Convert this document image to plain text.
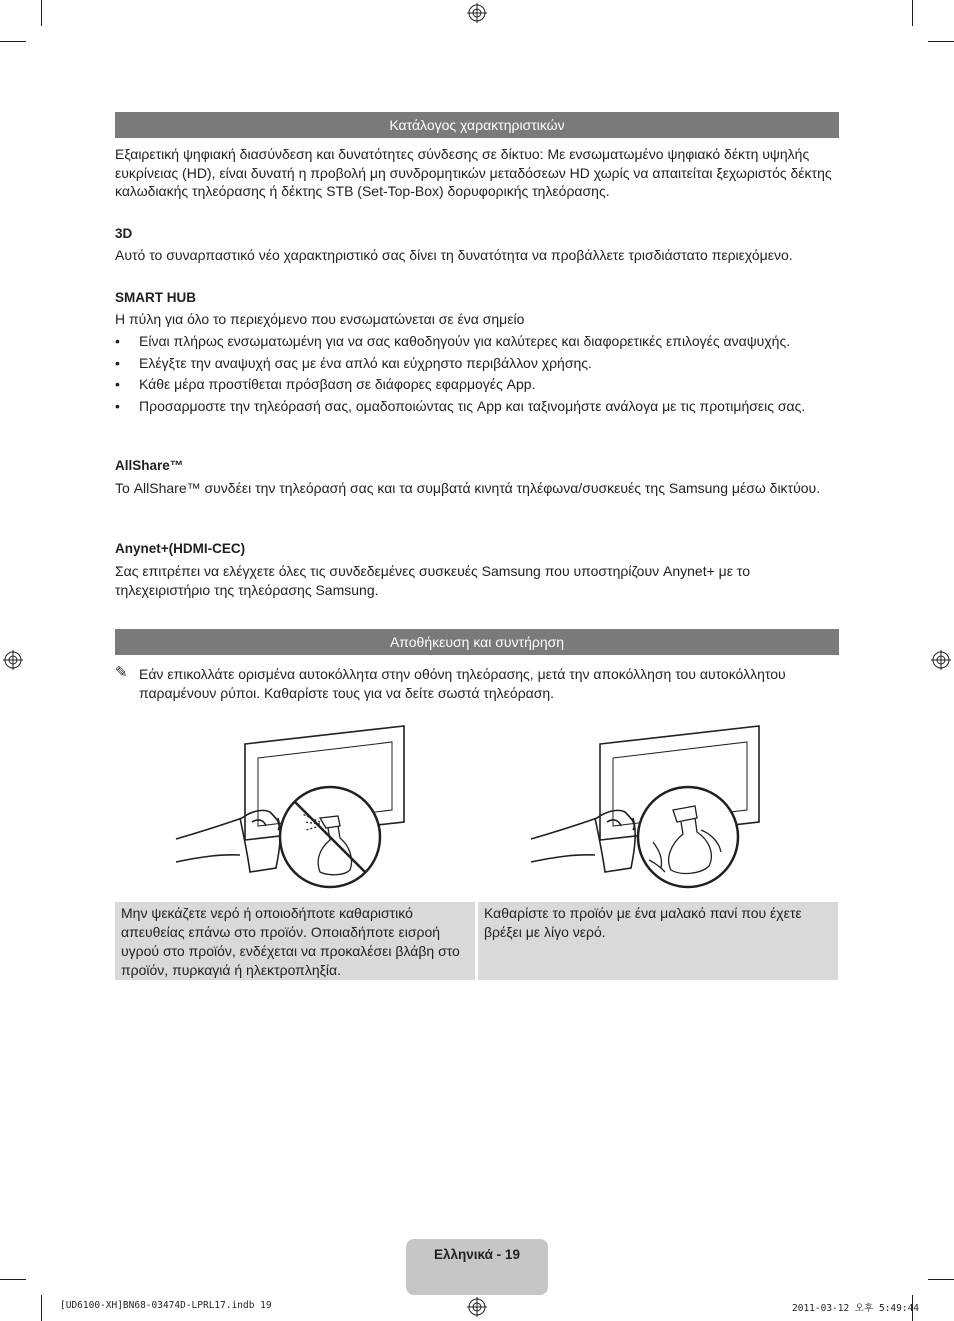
Κατάλογος χαρακτηριστικών

Εξαιρετική ψηφιακή διασύνδεση και δυνατότητες σύνδεσης σε δίκτυο: Με ενσωματωμένο ψηφιακό δέκτη υψηλής ευκρίνειας (HD), είναι δυνατή η προβολή μη συνδρομητικών μεταδόσεων HD χωρίς να απαιτείται ξεχωριστός δέκτης καλωδιακής τηλεόρασης ή δέκτης STB (Set-Top-Box) δορυφορικής τηλεόρασης.

3D

Αυτό το συναρπαστικό νέο χαρακτηριστικό σας δίνει τη δυνατότητα να προβάλλετε τρισδιάστατο περιεχόμενο.

SMART HUB

Η πύλη για όλο το περιεχόμενο που ενσωματώνεται σε ένα σημείο

• Είναι πλήρως ενσωματωμένη για να σας καθοδηγούν για καλύτερες και διαφορετικές επιλογές αναψυχής.
• Ελέγξτε την αναψυχή σας με ένα απλό και εύχρηστο περιβάλλον χρήσης.
• Κάθε μέρα προστίθεται πρόσβαση σε διάφορες εφαρμογές App.
• Προσαρμοστε την τηλεόρασή σας, ομαδοποιώντας τις App και ταξινομήστε ανάλογα με τις προτιμήσεις σας.

AllShare™

Το AllShare™ συνδέει την τηλεόρασή σας και τα συμβατά κινητά τηλέφωνα/συσκευές της Samsung μέσω δικτύου.

Anynet+(HDMI-CEC)

Σας επιτρέπει να ελέγχετε όλες τις συνδεδεμένες συσκευές Samsung που υποστηρίζουν Anynet+ με το τηλεχειριστήριο της τηλεόρασης Samsung.

Αποθήκευση και συντήρηση
✎ Εάν επικολλάτε ορισμένα αυτοκόλλητα στην οθόνη τηλεόρασης, μετά την αποκόλληση του αυτοκόλλητου παραμένουν ρύποι. Καθαρίστε τους για να δείτε σωστά τηλεόραση.
Μην ψεκάζετε νερό ή οποιοδήποτε καθαριστικό απευθείας επάνω στο προϊόν. Οποιαδήποτε εισροή υγρού στο προϊόν, ενδέχεται να προκαλέσει βλάβη στο προϊόν, πυρκαγιά ή ηλεκτροπληξία.
Καθαρίστε το προϊόν με ένα μαλακό πανί που έχετε βρέξει με λίγο νερό.
Ελληνικά - 19
[UD6100-XH]BN68-03474D-LPRL17.indb 19	2011-03-12 오후 5:49:44
